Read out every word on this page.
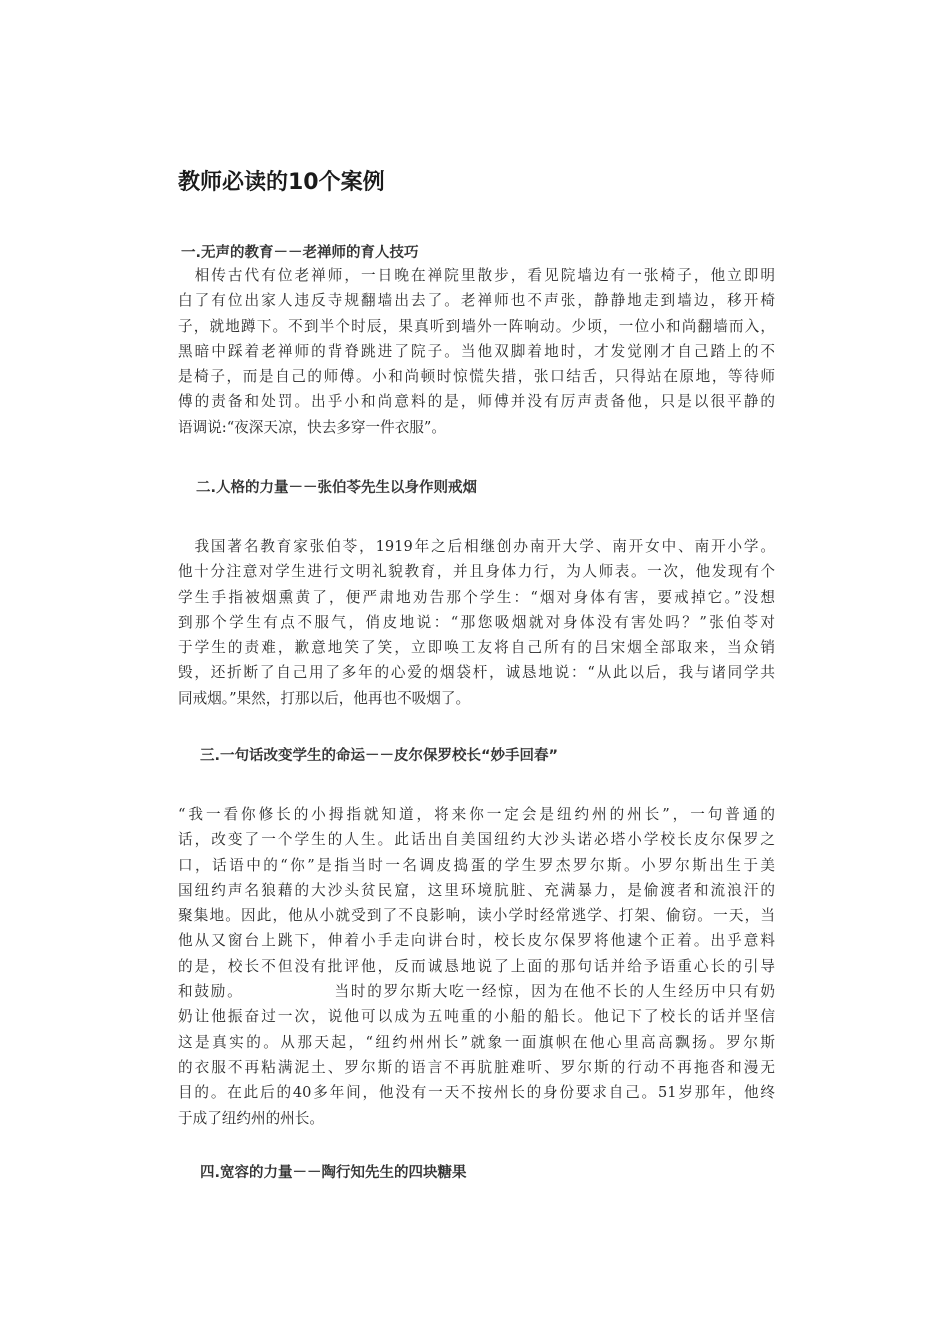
教师必读的10个案例
一.无声的教育－－老禅师的育人技巧
　相传古代有位老禅师，一日晚在禅院里散步，看见院墙边有一张椅子，他立即明
白了有位出家人违反寺规翻墙出去了。老禅师也不声张，静静地走到墙边，移开椅
子，就地蹲下。不到半个时辰，果真听到墙外一阵响动。少顷，一位小和尚翻墙而入，
黑暗中踩着老禅师的背脊跳进了院子。当他双脚着地时，才发觉刚才自己踏上的不
是椅子，而是自己的师傅。小和尚顿时惊慌失措，张口结舌，只得站在原地，等待师
傅的责备和处罚。出乎小和尚意料的是，师傅并没有厉声责备他，只是以很平静的
语调说:“夜深天凉，快去多穿一件衣服”。
二.人格的力量－－张伯苓先生以身作则戒烟
　我国著名教育家张伯苓，1919年之后相继创办南开大学、南开女中、南开小学。
他十分注意对学生进行文明礼貌教育，并且身体力行，为人师表。一次，他发现有个
学生手指被烟熏黄了，便严肃地劝告那个学生：“烟对身体有害，要戒掉它。”没想
到那个学生有点不服气，俏皮地说：“那您吸烟就对身体没有害处吗？”张伯苓对
于学生的责难，歉意地笑了笑，立即唤工友将自己所有的吕宋烟全部取来，当众销
毁，还折断了自己用了多年的心爱的烟袋杆，诚恳地说：“从此以后，我与诸同学共
同戒烟。”果然，打那以后，他再也不吸烟了。
三.一句话改变学生的命运－－皮尔保罗校长“妙手回春”
“我一看你修长的小拇指就知道，将来你一定会是纽约州的州长”，一句普通的
话，改变了一个学生的人生。此话出自美国纽约大沙头诺必塔小学校长皮尔保罗之
口，话语中的“你”是指当时一名调皮捣蛋的学生罗杰罗尔斯。小罗尔斯出生于美
国纽约声名狼藉的大沙头贫民窟，这里环境肮脏、充满暴力，是偷渡者和流浪汗的
聚集地。因此，他从小就受到了不良影响，读小学时经常逃学、打架、偷窃。一天，当
他从又窗台上跳下，伸着小手走向讲台时，校长皮尔保罗将他逮个正着。出乎意料
的是，校长不但没有批评他，反而诚恳地说了上面的那句话并给予语重心长的引导
和鼓励。　　　　　　当时的罗尔斯大吃一经惊，因为在他不长的人生经历中只有奶
奶让他振奋过一次，说他可以成为五吨重的小船的船长。他记下了校长的话并坚信
这是真实的。从那天起，“纽约州州长”就象一面旗帜在他心里高高飘扬。罗尔斯
的衣服不再粘满泥土、罗尔斯的语言不再肮脏难听、罗尔斯的行动不再拖沓和漫无
目的。在此后的40多年间，他没有一天不按州长的身份要求自己。51岁那年，他终
于成了纽约州的州长。
四.宽容的力量－－陶行知先生的四块糖果
